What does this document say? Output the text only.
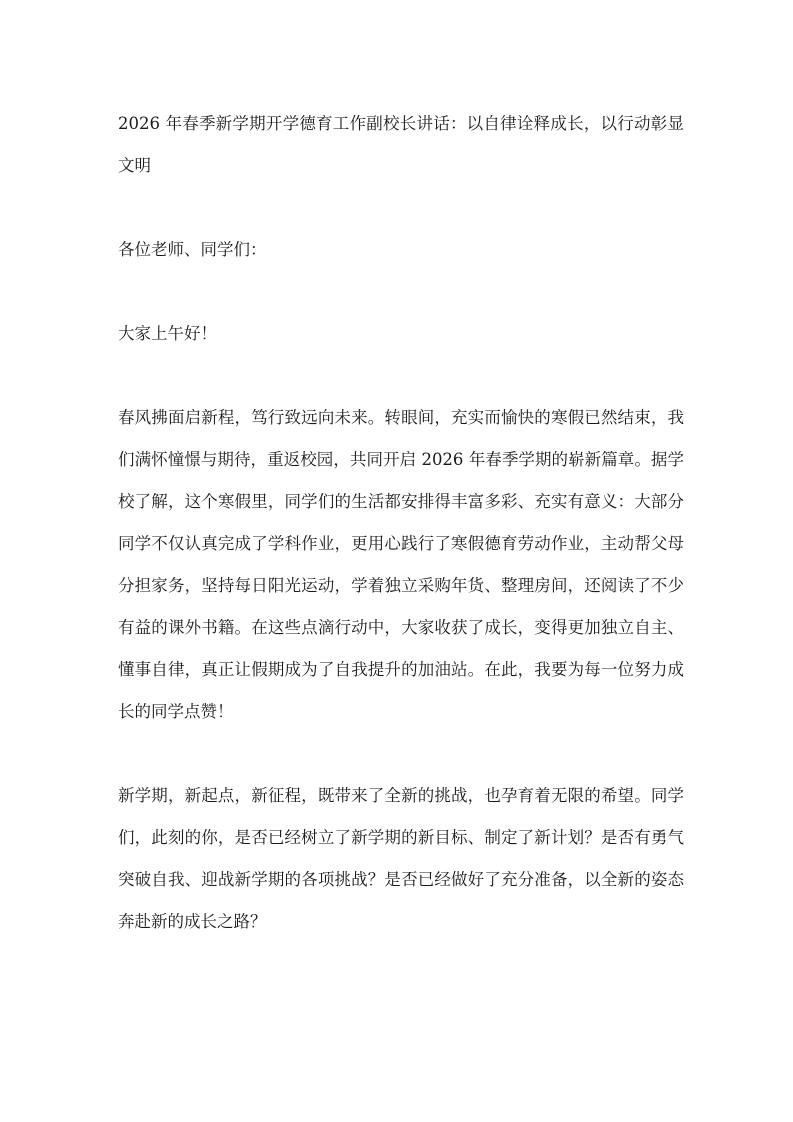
2026 年春季新学期开学德育工作副校长讲话：以自律诠释成长，以行动彰显文明

各位老师、同学们：

大家上午好！

春风拂面启新程，笃行致远向未来。转眼间，充实而愉快的寒假已然结束，我们满怀憧憬与期待，重返校园，共同开启 2026 年春季学期的崭新篇章。据学校了解，这个寒假里，同学们的生活都安排得丰富多彩、充实有意义：大部分同学不仅认真完成了学科作业，更用心践行了寒假德育劳动作业，主动帮父母分担家务，坚持每日阳光运动，学着独立采购年货、整理房间，还阅读了不少有益的课外书籍。在这些点滴行动中，大家收获了成长，变得更加独立自主、懂事自律，真正让假期成为了自我提升的加油站。在此，我要为每一位努力成长的同学点赞！

新学期，新起点，新征程，既带来了全新的挑战，也孕育着无限的希望。同学们，此刻的你，是否已经树立了新学期的新目标、制定了新计划？是否有勇气突破自我、迎战新学期的各项挑战？是否已经做好了充分准备，以全新的姿态奔赴新的成长之路？
